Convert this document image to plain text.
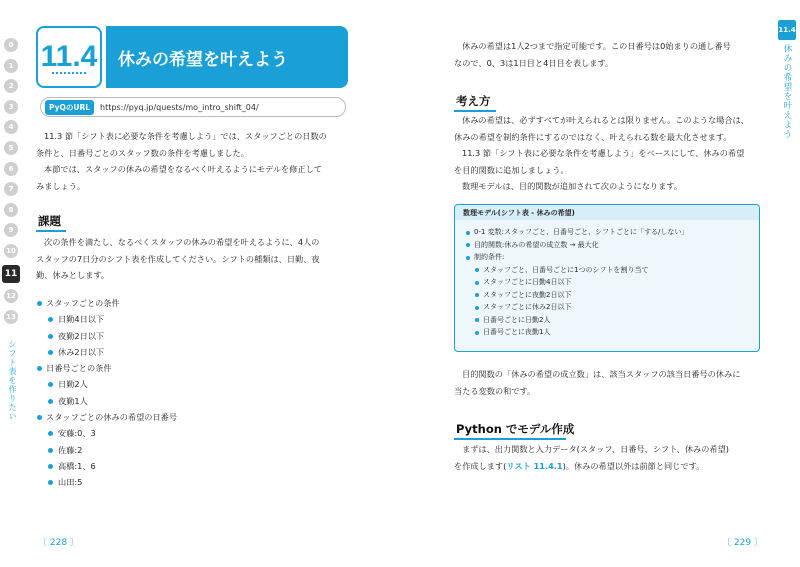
0
1
2
3
4
5
6
7
8
9
10
11
12
13
シフト表を作りたい
11.4 休みの希望を叶えよう
PyQのURL	https://pyq.jp/quests/mo_intro_shift_04/
11.3 節「シフト表に必要な条件を考慮しよう」では、スタッフごとの日数の
条件と、日番号ごとのスタッフ数の条件を考慮しました。
本節では、スタッフの休みの希望をなるべく叶えるようにモデルを修正して
みましょう。
課題
次の条件を満たし、なるべくスタッフの休みの希望を叶えるように、4人の
スタッフの7日分のシフト表を作成してください。シフトの種類は、日勤、夜
勤、休みとします。
スタッフごとの条件
日勤4日以下
夜勤2日以下
休み2日以下
日番号ごとの条件
日勤2人
夜勤1人
スタッフごとの休みの希望の日番号
安藤:0、3
佐藤:2
高橋:1、6
山田:5
〔 228 〕
11.4
休みの希望を叶えよう
休みの希望は1人2つまで指定可能です。この日番号は0始まりの通し番号
なので、0、3は1日目と4日目を表します。
考え方
休みの希望は、必ずすべてが叶えられるとは限りません。このような場合は、
休みの希望を制約条件にするのではなく、叶えられる数を最大化させます。
11.3 節「シフト表に必要な条件を考慮しよう」をベースにして、休みの希望
を目的関数に追加しましょう。
数理モデルは、目的関数が追加されて次のようになります。
数理モデル(シフト表 - 休みの希望)
0-1 変数:スタッフごと、日番号ごと、シフトごとに「する/しない」
目的関数:休みの希望の成立数 → 最大化
制約条件:
スタッフごと、日番号ごとに1つのシフトを割り当て
スタッフごとに日勤4日以下
スタッフごとに夜勤2日以下
スタッフごとに休み2日以下
日番号ごとに日勤2人
日番号ごとに夜勤1人
目的関数の「休みの希望の成立数」は、該当スタッフの該当日番号の休みに
当たる変数の和です。
Python でモデル作成
まずは、出力関数と入力データ(スタッフ、日番号、シフト、休みの希望)
を作成します(リスト 11.4.1)。休みの希望以外は前節と同じです。
〔 229 〕
